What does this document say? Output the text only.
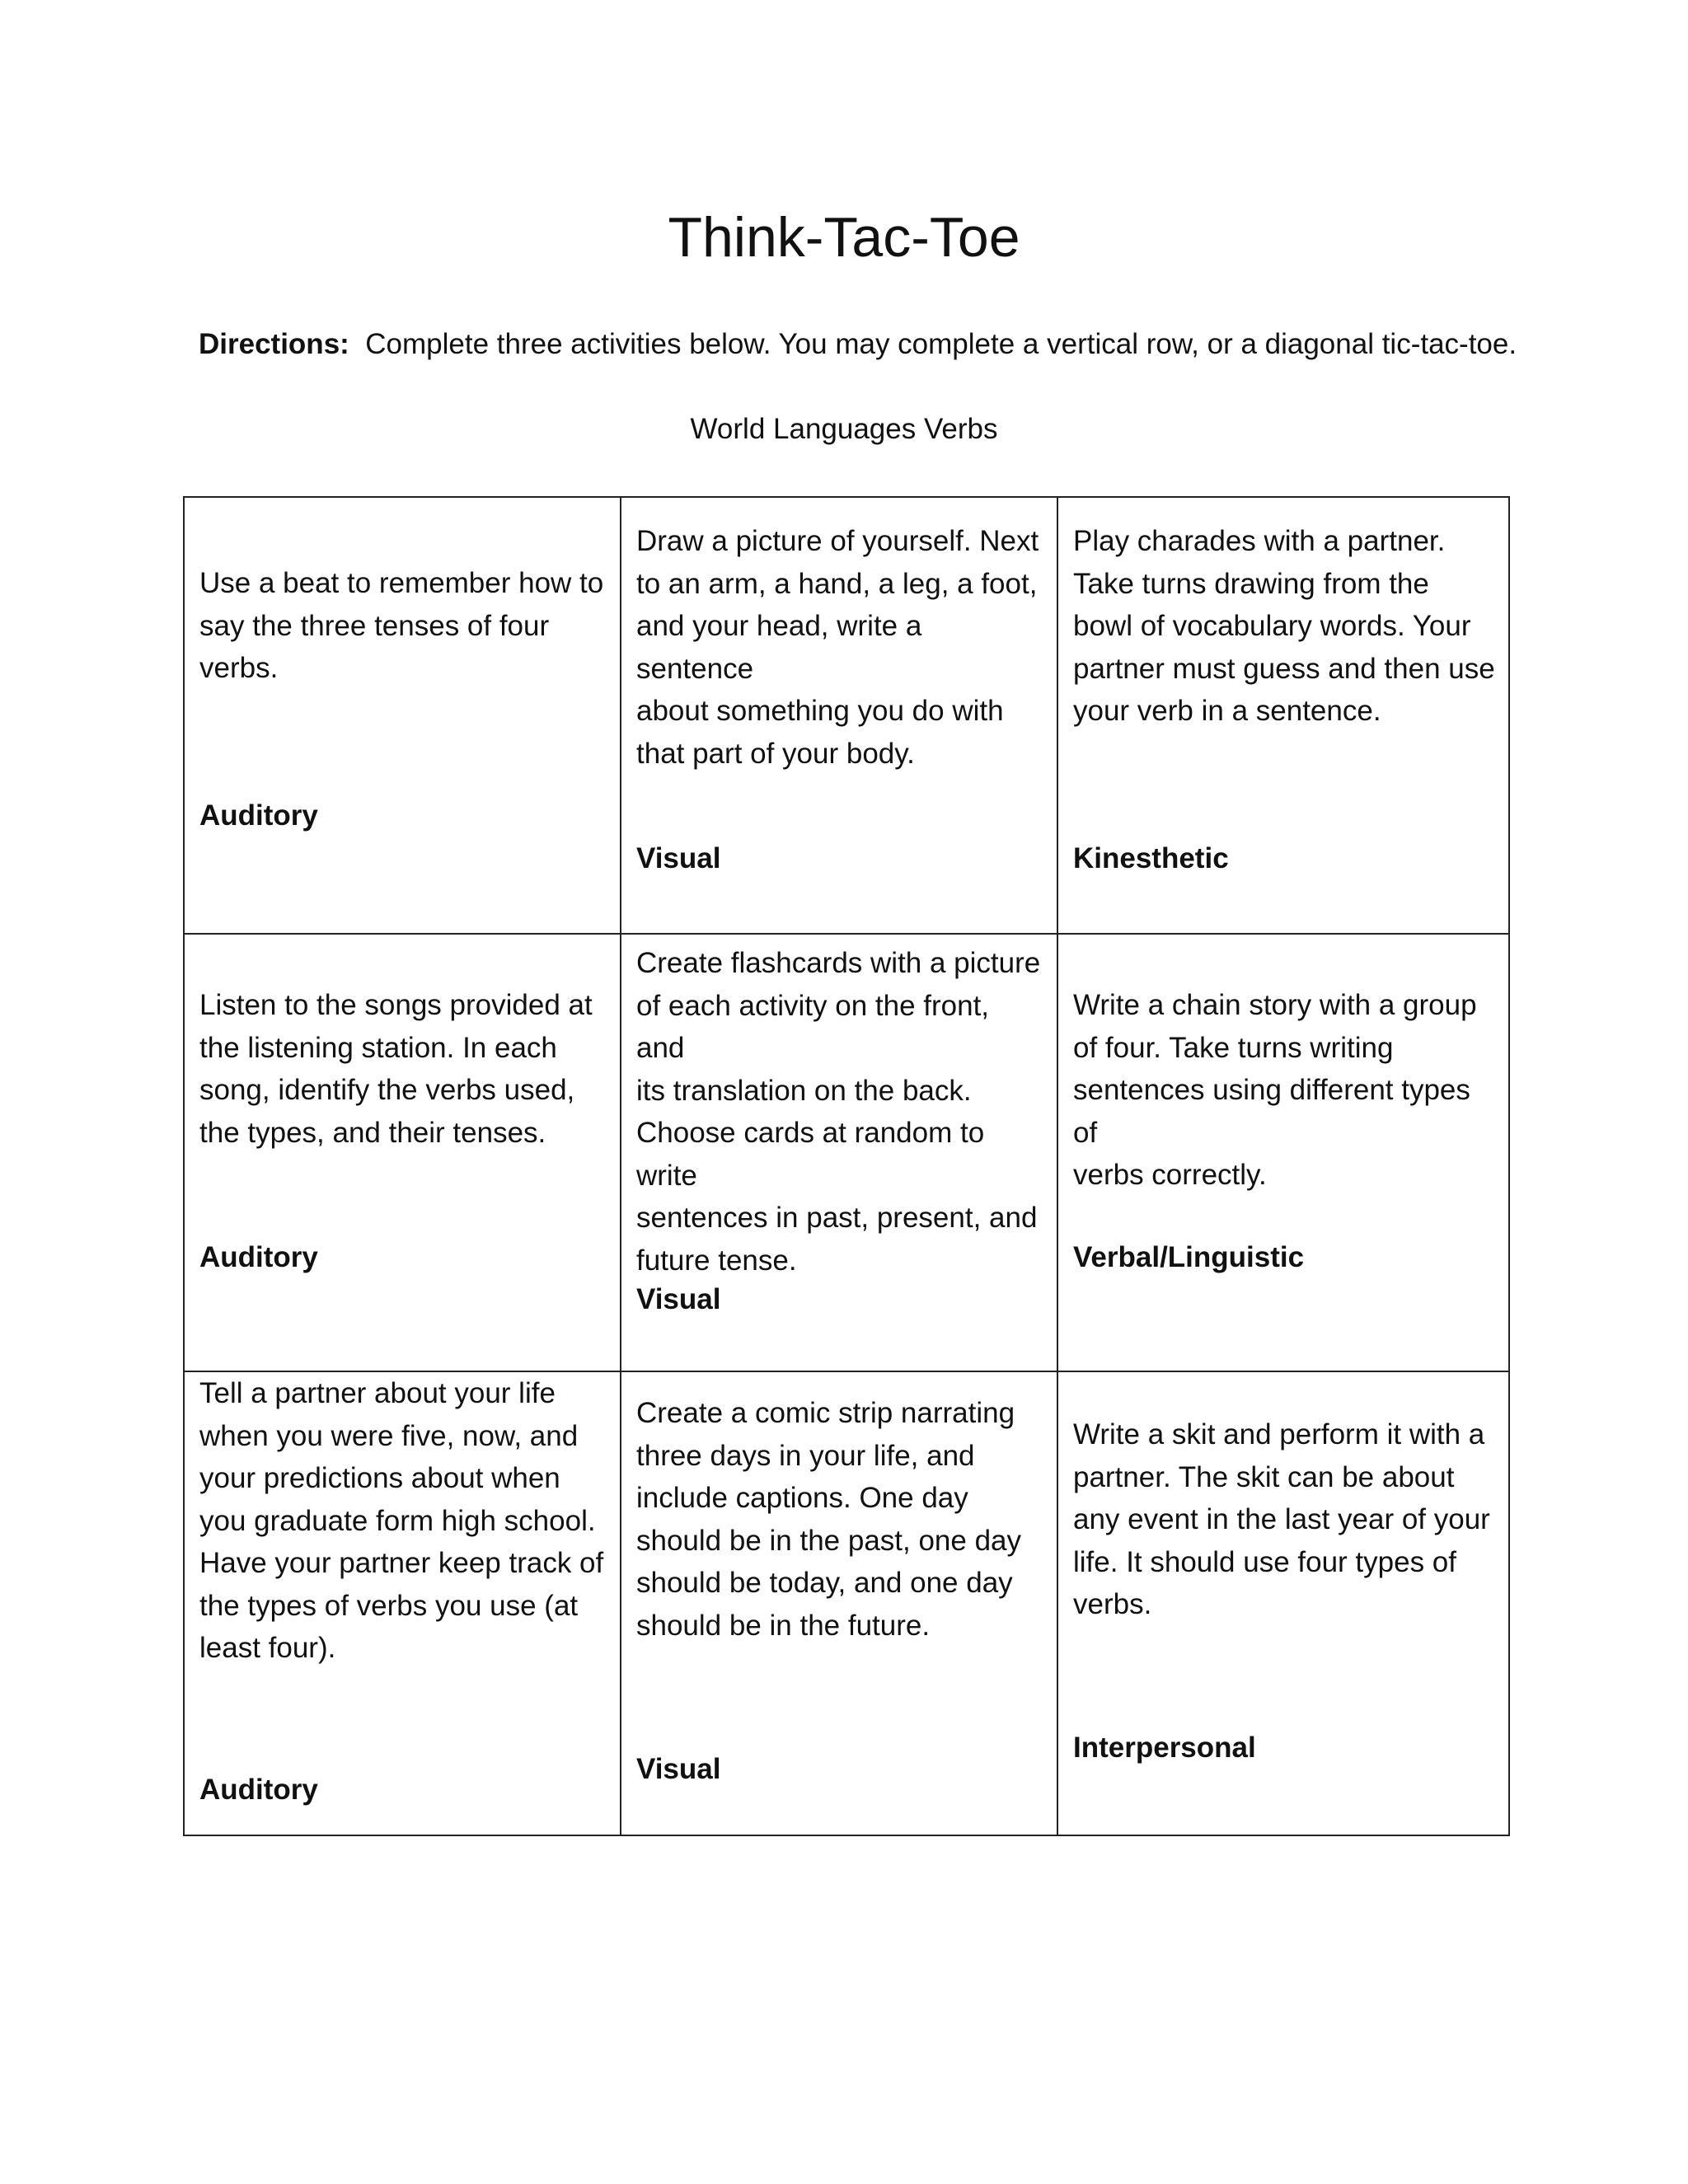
Think-Tac-Toe
Directions: Complete three activities below. You may complete a vertical row, or a diagonal tic-tac-toe.
World Languages Verbs

Use a beat to remember how to
say the three tenses of four
verbs.

Auditory

Draw a picture of yourself. Next
to an arm, a hand, a leg, a foot,
and your head, write a sentence
about something you do with
that part of your body.

Visual

Play charades with a partner.
Take turns drawing from the
bowl of vocabulary words. Your
partner must guess and then use
your verb in a sentence.

Kinesthetic

Listen to the songs provided at
the listening station. In each
song, identify the verbs used,
the types, and their tenses.

Auditory

Create flashcards with a picture
of each activity on the front, and
its translation on the back.
Choose cards at random to write
sentences in past, present, and
future tense.

Visual

Write a chain story with a group
of four. Take turns writing
sentences using different types of
verbs correctly.

Verbal/Linguistic

Tell a partner about your life
when you were five, now, and
your predictions about when
you graduate form high school.
Have your partner keep track of
the types of verbs you use (at
least four).

Auditory

Create a comic strip narrating
three days in your life, and
include captions. One day
should be in the past, one day
should be today, and one day
should be in the future.

Visual

Write a skit and perform it with a
partner. The skit can be about
any event in the last year of your
life. It should use four types of
verbs.

Interpersonal
